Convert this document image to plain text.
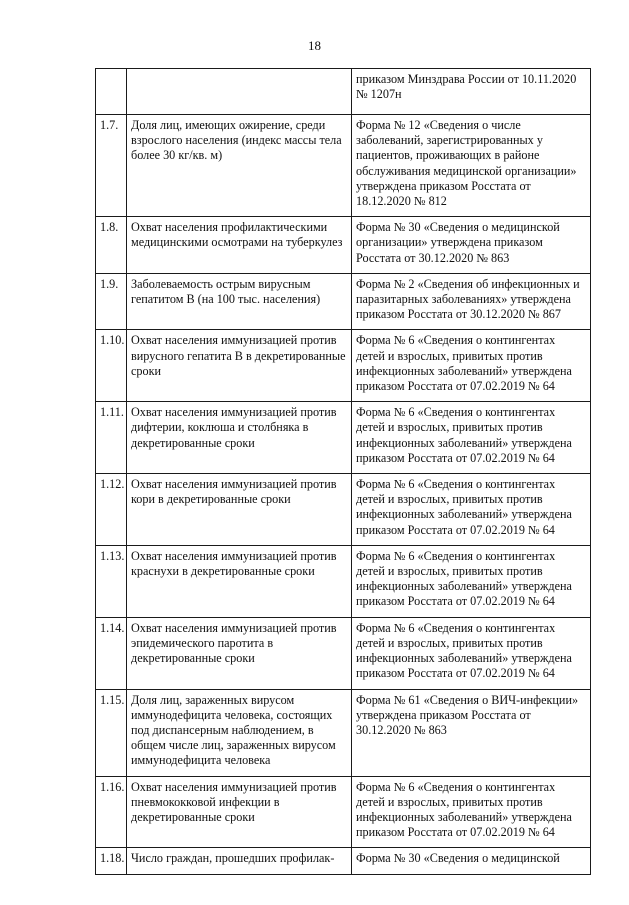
18
		приказом Минздрава России от 10.11.2020 № 1207н
1.7.	Доля лиц, имеющих ожирение, среди взрослого населения (индекс массы тела более 30 кг/кв. м)	Форма № 12 «Сведения о числе заболеваний, зарегистрированных у пациентов, проживающих в районе обслуживания медицинской организации» утверждена приказом Росстата от 18.12.2020 № 812
1.8.	Охват населения профилактическими медицинскими осмотрами на туберкулез	Форма № 30 «Сведения о медицинской организации» утверждена приказом Росстата от 30.12.2020 № 863
1.9.	Заболеваемость острым вирусным гепатитом В (на 100 тыс. населения)	Форма № 2 «Сведения об инфекционных и паразитарных заболеваниях» утверждена приказом Росстата от 30.12.2020 № 867
1.10.	Охват населения иммунизацией против вирусного гепатита В в декретированные сроки	Форма № 6 «Сведения о контингентах детей и взрослых, привитых против инфекционных заболеваний» утверждена приказом Росстата от 07.02.2019 № 64
1.11.	Охват населения иммунизацией против дифтерии, коклюша и столбняка в декретированные сроки	Форма № 6 «Сведения о контингентах детей и взрослых, привитых против инфекционных заболеваний» утверждена приказом Росстата от 07.02.2019 № 64
1.12.	Охват населения иммунизацией против кори в декретированные сроки	Форма № 6 «Сведения о контингентах детей и взрослых, привитых против инфекционных заболеваний» утверждена приказом Росстата от 07.02.2019 № 64
1.13.	Охват населения иммунизацией против краснухи в декретированные сроки	Форма № 6 «Сведения о контингентах детей и взрослых, привитых против инфекционных заболеваний» утверждена приказом Росстата от 07.02.2019 № 64
1.14.	Охват населения иммунизацией против эпидемического паротита в декретированные сроки	Форма № 6 «Сведения о контингентах детей и взрослых, привитых против инфекционных заболеваний» утверждена приказом Росстата от 07.02.2019 № 64
1.15.	Доля лиц, зараженных вирусом иммунодефицита человека, состоящих под диспансерным наблюдением, в общем числе лиц, зараженных вирусом иммунодефицита человека	Форма № 61 «Сведения о ВИЧ-инфекции» утверждена приказом Росстата от 30.12.2020 № 863
1.16.	Охват населения иммунизацией против пневмококковой инфекции в декретированные сроки	Форма № 6 «Сведения о контингентах детей и взрослых, привитых против инфекционных заболеваний» утверждена приказом Росстата от 07.02.2019 № 64
1.18.	Число граждан, прошедших профилак-	Форма № 30 «Сведения о медицинской
